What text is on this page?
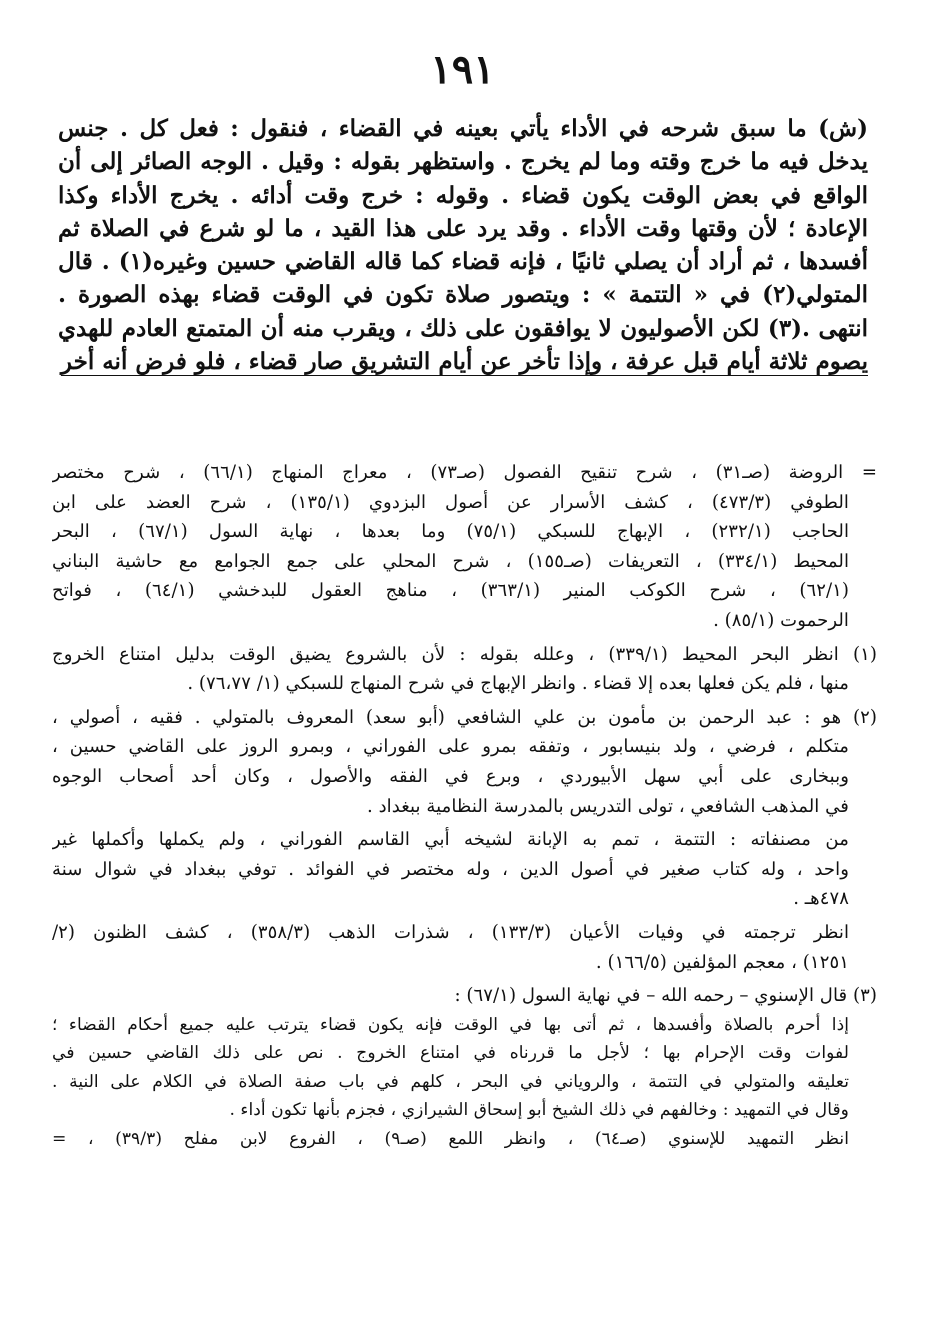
١٩١
(ش) ما سبق شرحه في الأداء يأتي بعينه في القضاء ، فنقول : فعل كل . جنس
يدخل فيه ما خرج وقته وما لم يخرج . واستظهر بقوله : وقيل . الوجه الصائر إلى أن
الواقع في بعض الوقت يكون قضاء . وقوله : خرج وقت أدائه . يخرج الأداء وكذا
الإعادة ؛ لأن وقتها وقت الأداء . وقد يرد على هذا القيد ، ما لو شرع في الصلاة ثم
أفسدها ، ثم أراد أن يصلي ثانيًا ، فإنه قضاء كما قاله القاضي حسين وغيره(١) . قال
المتولي(٢) في « التتمة » : ويتصور صلاة تكون في الوقت قضاء بهذه الصورة .
انتهى .(٣) لكن الأصوليون لا يوافقون على ذلك ، ويقرب منه أن المتمتع العادم للهدي
يصوم ثلاثة أيام قبل عرفة ، وإذا تأخر عن أيام التشريق صار قضاء ، فلو فرض أنه أخر
= الروضة (صـ٣١) ، شرح تنقيح الفصول (صـ٧٣) ، معراج المنهاج (٦٦/١) ، شرح مختصر
الطوفي (٤٧٣/٣) ، كشف الأسرار عن أصول البزدوي (١٣٥/١) ، شرح العضد على ابن
الحاجب (٢٣٢/١) ، الإبهاج للسبكي (٧٥/١) وما بعدها ، نهاية السول (٦٧/١) ، البحر
المحيط (٣٣٤/١) ، التعريفات (صـ١٥٥) ، شرح المحلي على جمع الجوامع مع حاشية البناني
(٦٢/١) ، شرح الكوكب المنير (٣٦٣/١) ، مناهج العقول للبدخشي (٦٤/١) ، فواتح
الرحموت (٨٥/١) .
(١) انظر البحر المحيط (٣٣٩/١) ، وعلله بقوله : لأن بالشروع يضيق الوقت بدليل امتناع الخروج
منها ، فلم يكن فعلها بعده إلا قضاء . وانظر الإبهاج في شرح المنهاج للسبكي (١/ ٧٦،٧٧) .
(٢) هو : عبد الرحمن بن مأمون بن علي الشافعي (أبو سعد) المعروف بالمتولي . فقيه ، أصولي ،
متكلم ، فرضي ، ولد بنيسابور ، وتفقه بمرو على الفوراني ، وبمرو الروز على القاضي حسين ،
وببخارى على أبي سهل الأبيوردي ، وبرع في الفقه والأصول ، وكان أحد أصحاب الوجوه
في المذهب الشافعي ، تولى التدريس بالمدرسة النظامية ببغداد .
من مصنفاته : التتمة ، تمم به الإبانة لشيخه أبي القاسم الفوراني ، ولم يكملها وأكملها غير
واحد ، وله كتاب صغير في أصول الدين ، وله مختصر في الفوائد . توفي ببغداد في شوال سنة
٤٧٨هـ .
انظر ترجمته في وفيات الأعيان (١٣٣/٣) ، شذرات الذهب (٣٥٨/٣) ، كشف الظنون (٢/
١٢٥١) ، معجم المؤلفين (١٦٦/٥) .
(٣) قال الإسنوي – رحمه الله – في نهاية السول (٦٧/١) :
إذا أحرم بالصلاة وأفسدها ، ثم أتى بها في الوقت فإنه يكون قضاء يترتب عليه جميع أحكام القضاء ؛
لفوات وقت الإحرام بها ؛ لأجل ما قررناه في امتناع الخروج . نص على ذلك القاضي حسين في
تعليقه والمتولي في التتمة ، والروياني في البحر ، كلهم في باب صفة الصلاة في الكلام على النية .
وقال في التمهيد : وخالفهم في ذلك الشيخ أبو إسحاق الشيرازي ، فجزم بأنها تكون أداء .
انظر التمهيد للإسنوي (صـ٦٤) ، وانظر اللمع (صـ٩) ، الفروع لابن مفلح (٣٩/٣) ، =
